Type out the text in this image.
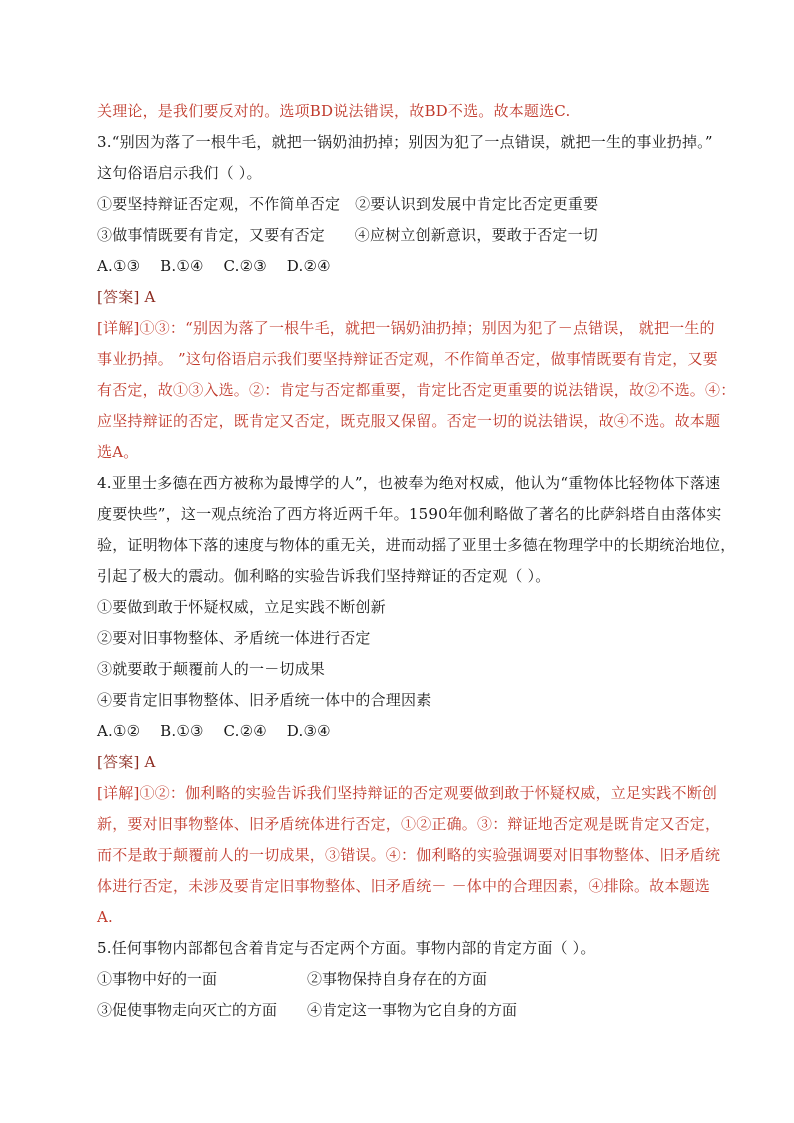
关理论，是我们要反对的。选项BD说法错误，故BD不选。故本题选C.
3.“别因为落了一根牛毛，就把一锅奶油扔掉；别因为犯了一点错误，就把一生的事业扔掉。”
这句俗语启示我们（ ）。
①要坚持辩证否定观，不作简单否定   ②要认识到发展中肯定比否定更重要
③做事情既要有肯定，又要有否定      ④应树立创新意识，要敢于否定一切
A.①③    B.①④    C.②③    D.②④
[答案] A
[详解]①③：“别因为落了一根牛毛，就把一锅奶油扔掉；别因为犯了－点错误， 就把一生的
事业扔掉。 ”这句俗语启示我们要坚持辩证否定观，不作简单否定，做事情既要有肯定，又要
有否定，故①③入选。②：肯定与否定都重要，肯定比否定更重要的说法错误，故②不选。④：
应坚持辩证的否定，既肯定又否定，既克服又保留。否定一切的说法错误，故④不选。故本题
选A。
4.亚里士多德在西方被称为最博学的人”，也被奉为绝对权威，他认为“重物体比轻物体下落速
度要快些”，这一观点统治了西方将近两千年。1590年伽利略做了著名的比萨斜塔自由落体实
验，证明物体下落的速度与物体的重无关，进而动摇了亚里士多德在物理学中的长期统治地位，
引起了极大的震动。伽利略的实验告诉我们坚持辩证的否定观（ ）。
①要做到敢于怀疑权威，立足实践不断创新
②要对旧事物整体、矛盾统一体进行否定
③就要敢于颠覆前人的一－切成果
④要肯定旧事物整体、旧矛盾统一体中的合理因素
A.①②    B.①③    C.②④    D.③④
[答案] A
[详解]①②：伽利略的实验告诉我们坚持辩证的否定观要做到敢于怀疑权威，立足实践不断创
新，要对旧事物整体、旧矛盾统体进行否定，①②正确。③：辩证地否定观是既肯定又否定，
而不是敢于颠覆前人的一切成果，③错误。④：伽利略的实验强调要对旧事物整体、旧矛盾统
体进行否定，未涉及要肯定旧事物整体、旧矛盾统－ －体中的合理因素，④排除。故本题选
A.
5.任何事物内部都包含着肯定与否定两个方面。事物内部的肯定方面（ ）。
①事物中好的一面	②事物保持自身存在的方面
③促使事物走向灭亡的方面	④肯定这一事物为它自身的方面
